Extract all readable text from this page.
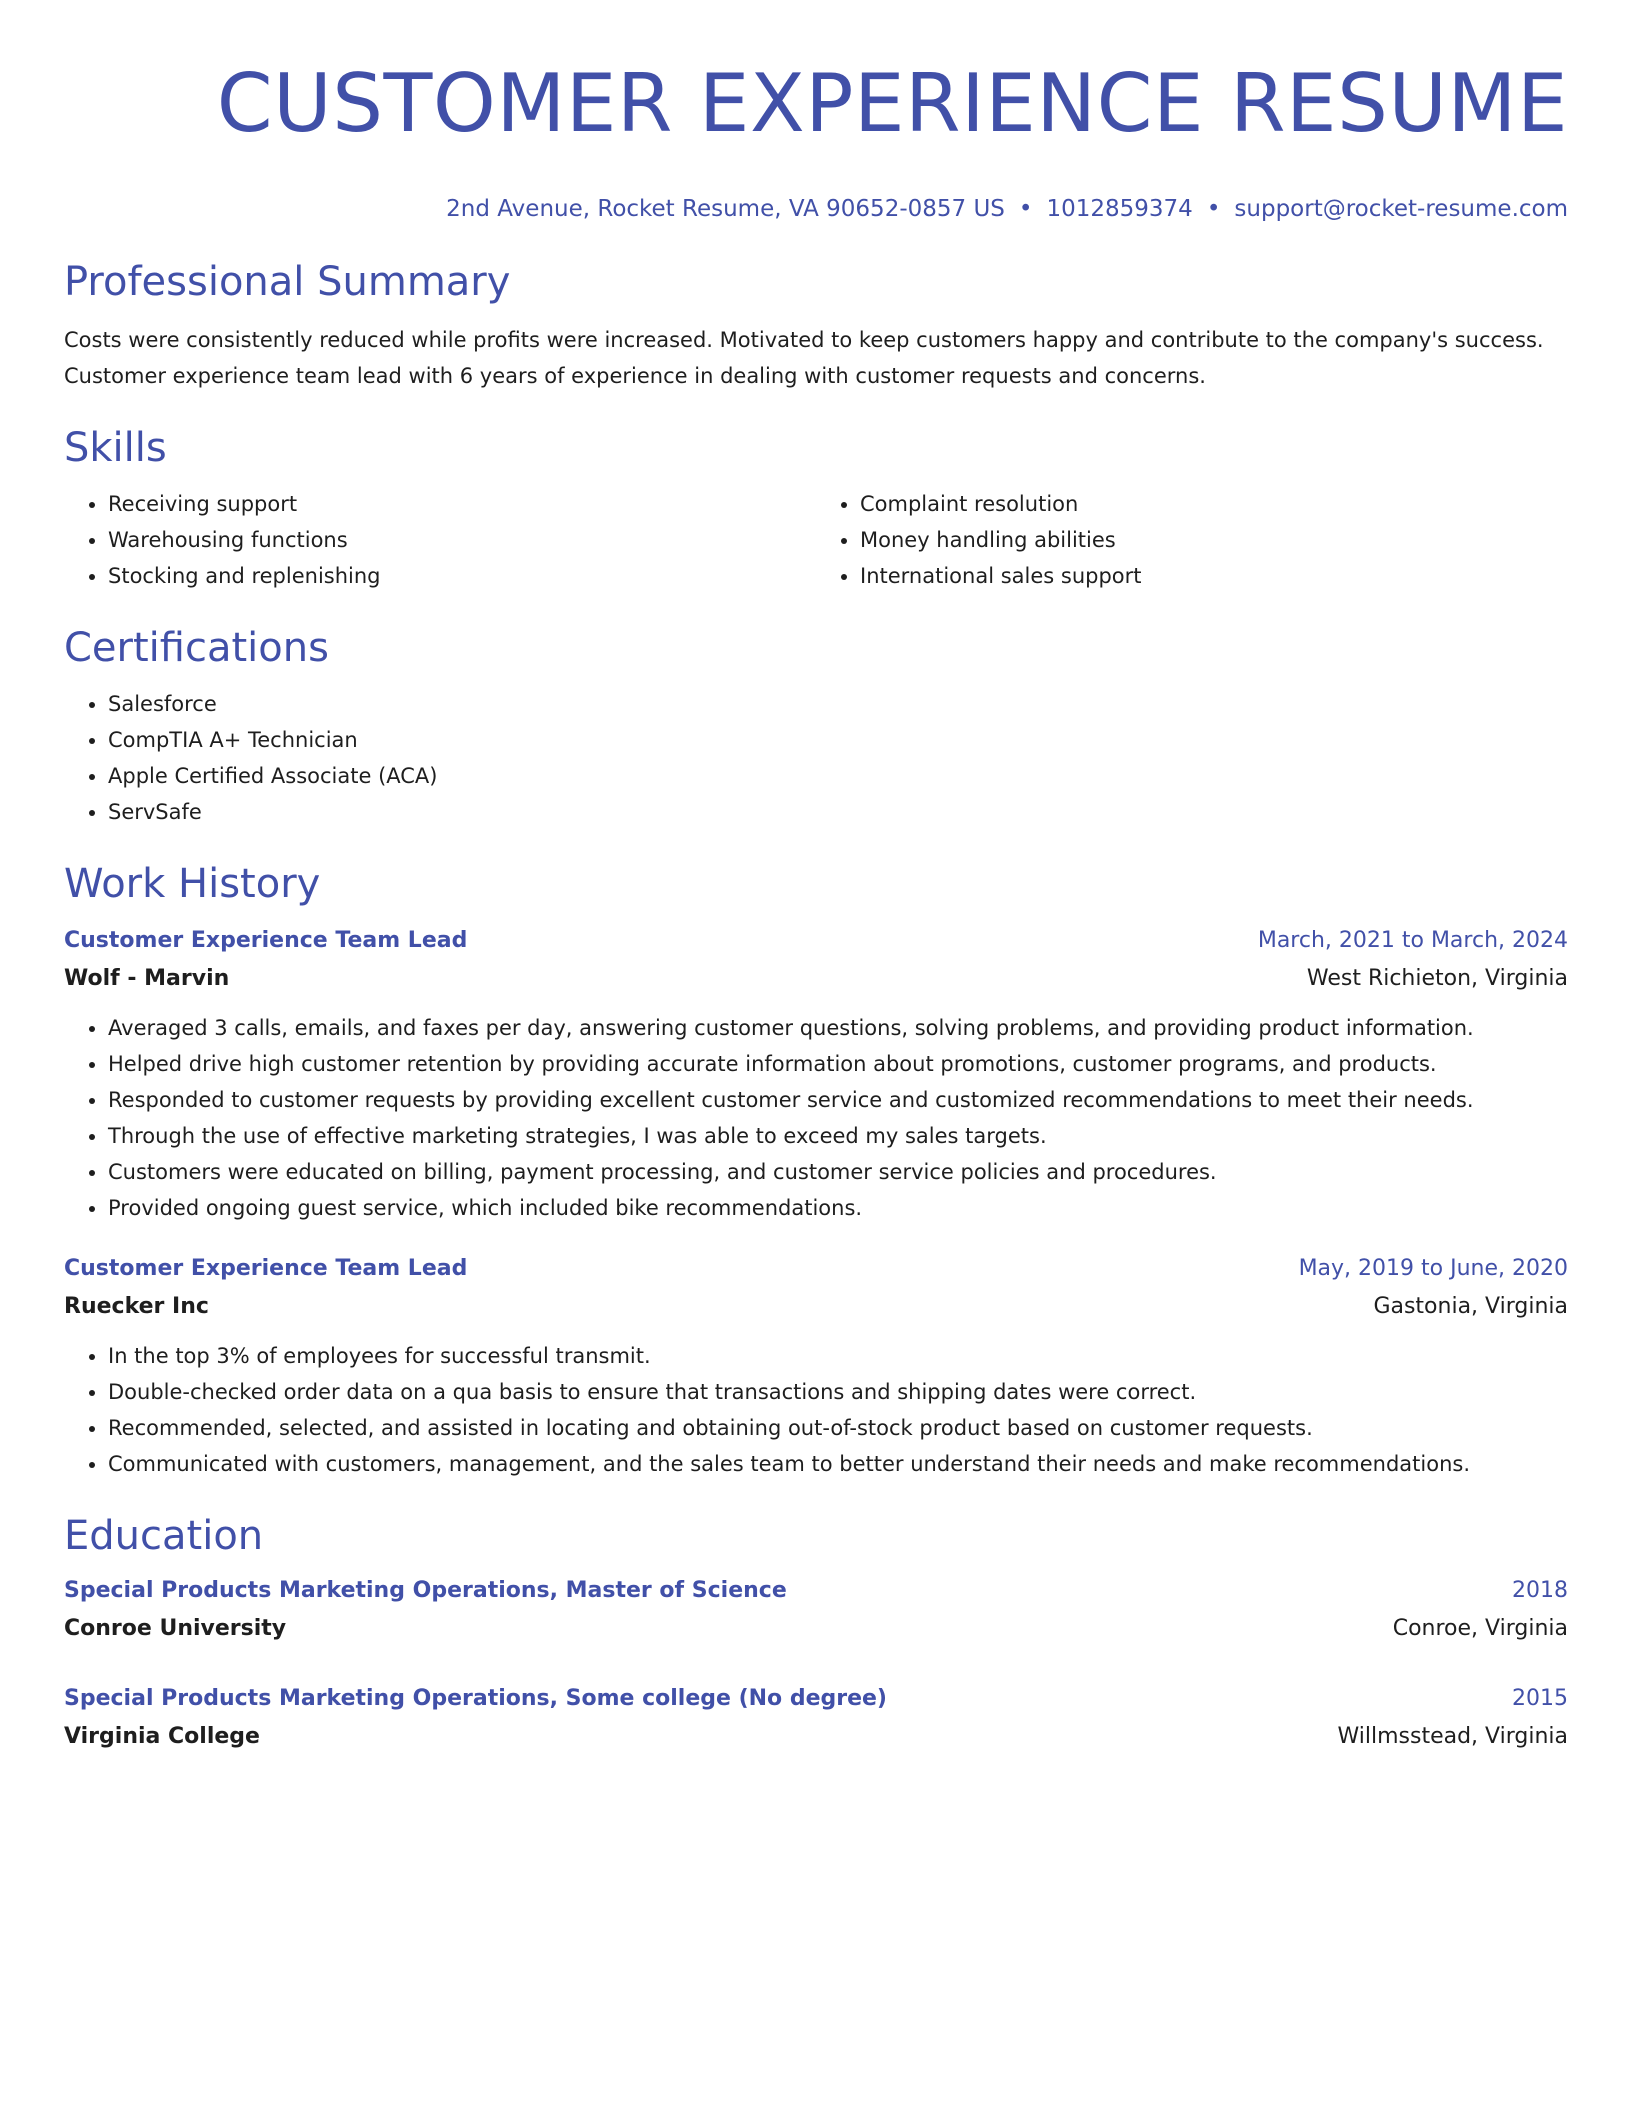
CUSTOMER EXPERIENCE RESUME
2nd Avenue, Rocket Resume, VA 90652-0857 US • 1012859374 • support@rocket-resume.com
Professional Summary
Costs were consistently reduced while profits were increased. Motivated to keep customers happy and contribute to the company's success.
Customer experience team lead with 6 years of experience in dealing with customer requests and concerns.
Skills
• Receiving support
• Warehousing functions
• Stocking and replenishing
• Complaint resolution
• Money handling abilities
• International sales support
Certifications
• Salesforce
• CompTIA A+ Technician
• Apple Certified Associate (ACA)
• ServSafe
Work History
Customer Experience Team Lead	March, 2021 to March, 2024
Wolf - Marvin	West Richieton, Virginia
• Averaged 3 calls, emails, and faxes per day, answering customer questions, solving problems, and providing product information.
• Helped drive high customer retention by providing accurate information about promotions, customer programs, and products.
• Responded to customer requests by providing excellent customer service and customized recommendations to meet their needs.
• Through the use of effective marketing strategies, I was able to exceed my sales targets.
• Customers were educated on billing, payment processing, and customer service policies and procedures.
• Provided ongoing guest service, which included bike recommendations.
Customer Experience Team Lead	May, 2019 to June, 2020
Ruecker Inc	Gastonia, Virginia
• In the top 3% of employees for successful transmit.
• Double-checked order data on a qua basis to ensure that transactions and shipping dates were correct.
• Recommended, selected, and assisted in locating and obtaining out-of-stock product based on customer requests.
• Communicated with customers, management, and the sales team to better understand their needs and make recommendations.
Education
Special Products Marketing Operations, Master of Science	2018
Conroe University	Conroe, Virginia
Special Products Marketing Operations, Some college (No degree)	2015
Virginia College	Willmsstead, Virginia
